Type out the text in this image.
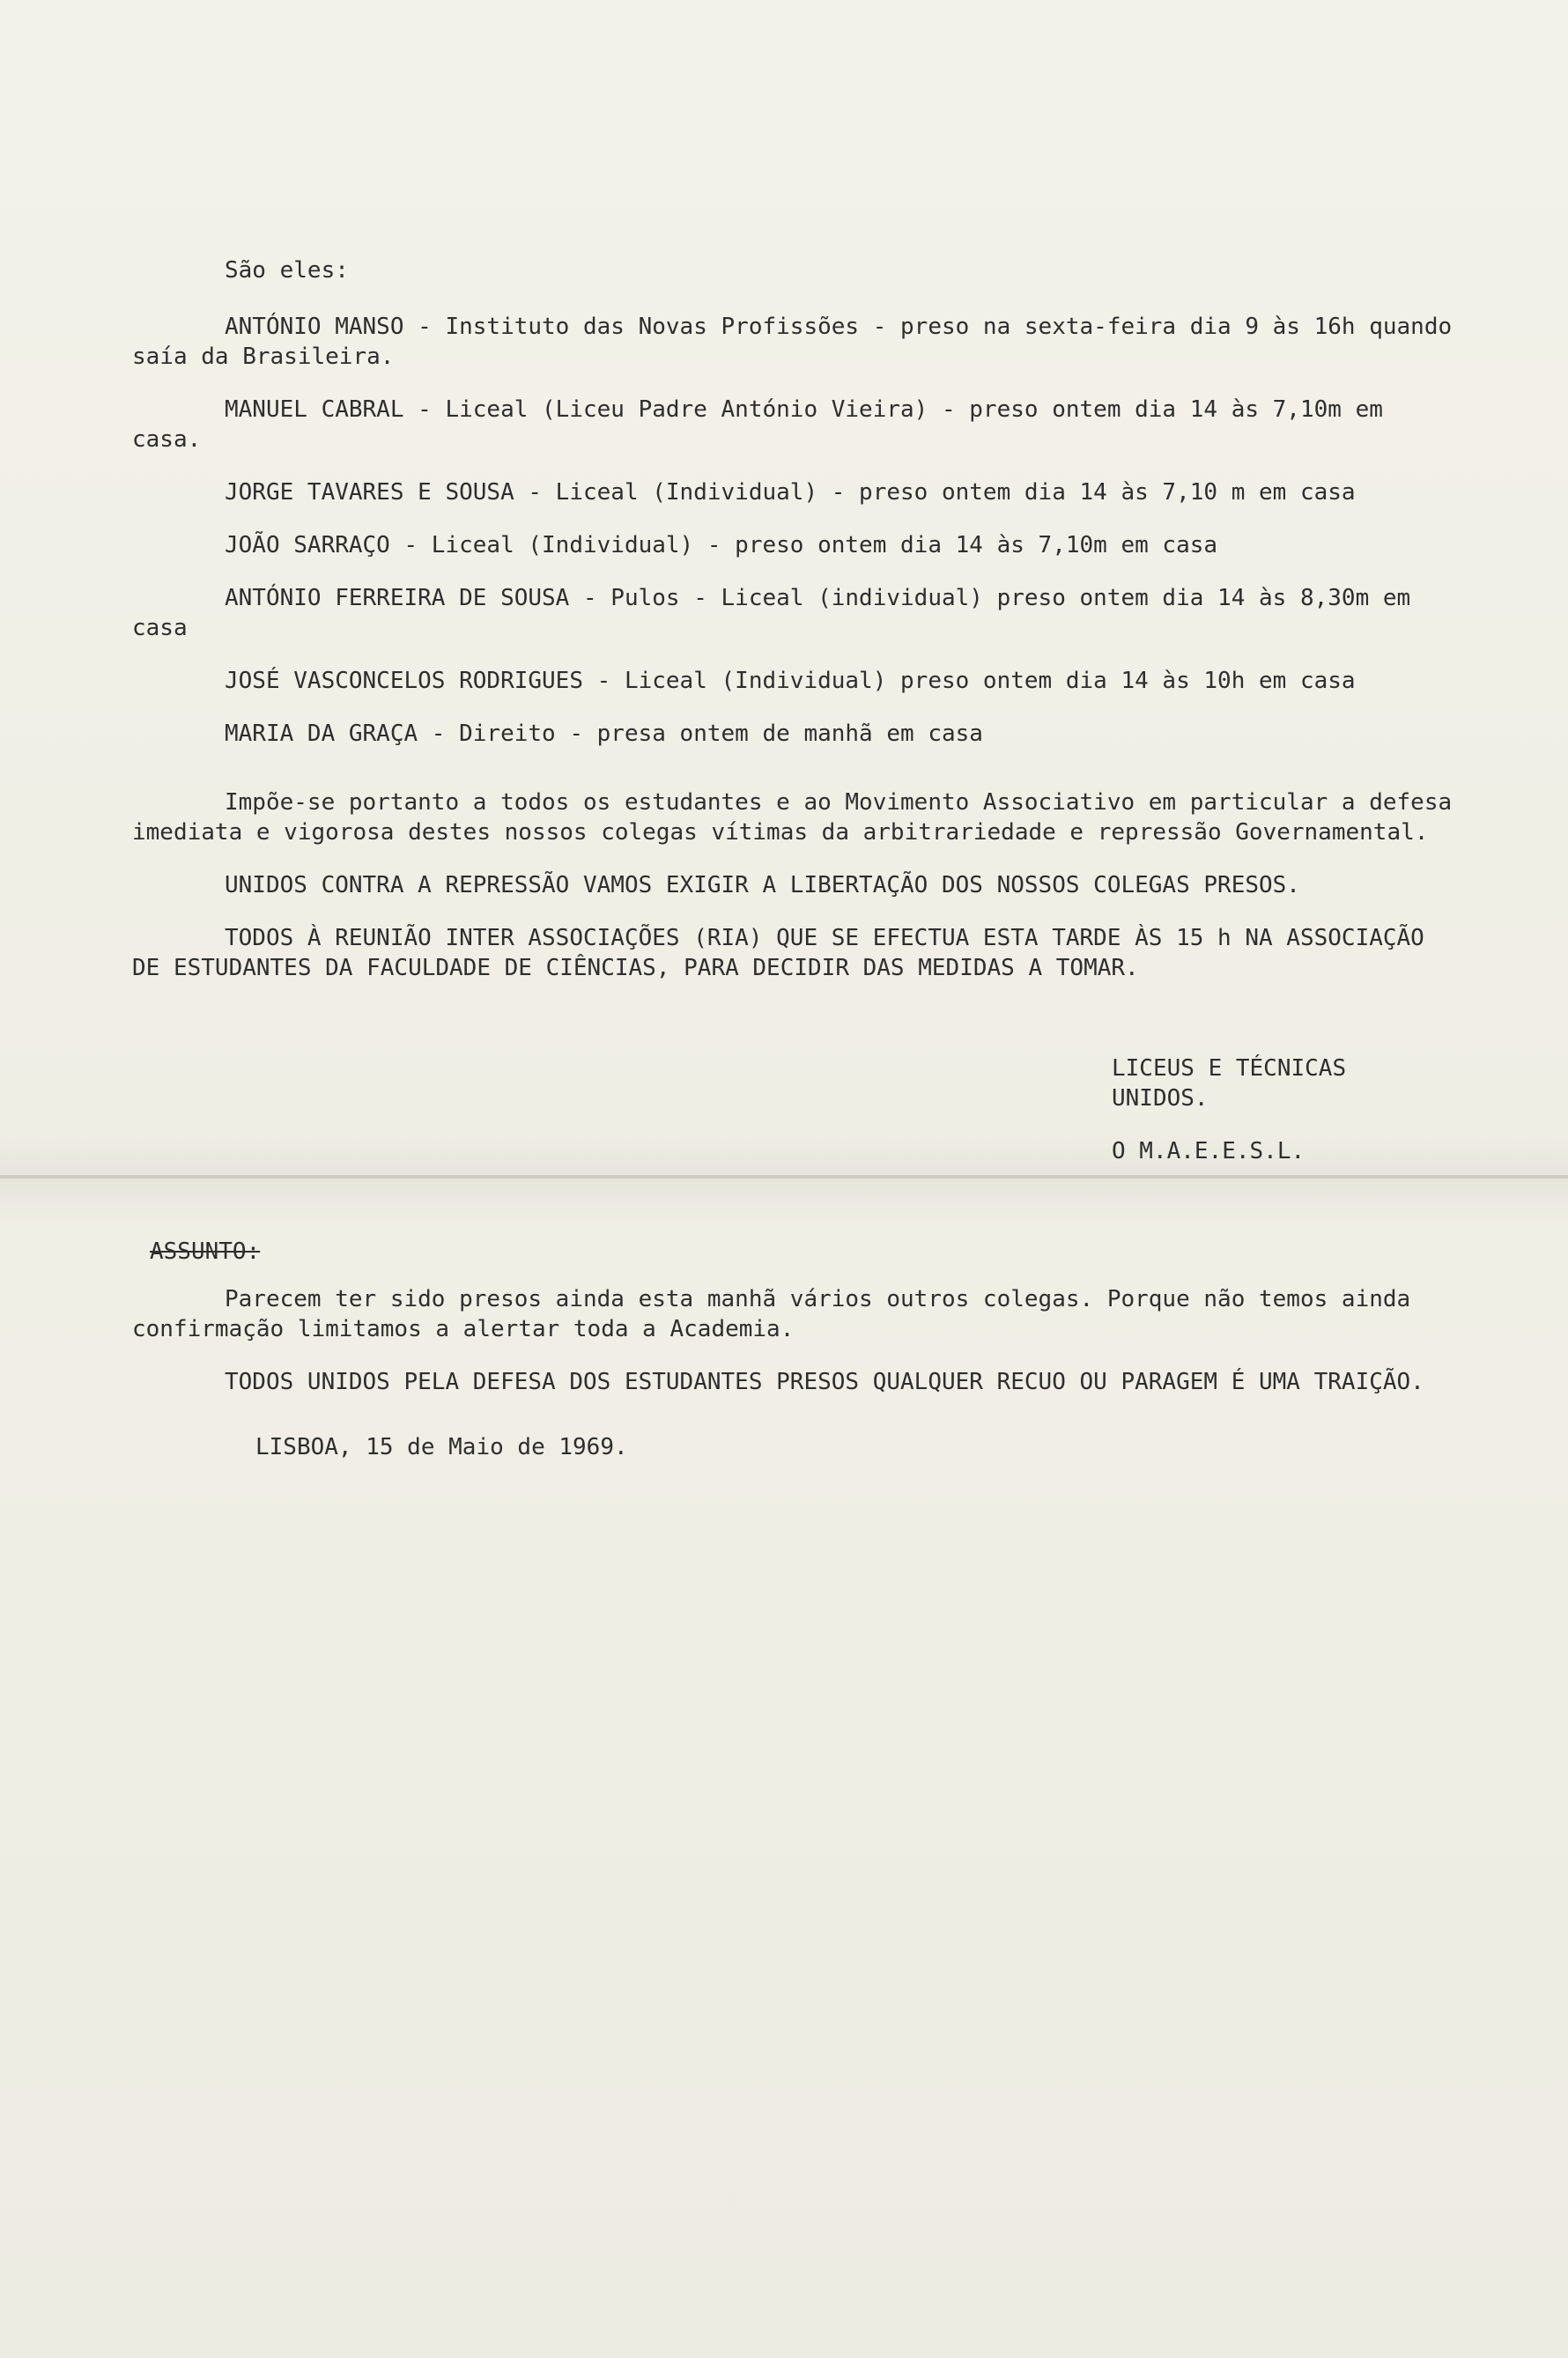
São eles:
ANTÓNIO MANSO - Instituto das Novas Profissões - preso na sexta-feira dia 9 às 16h quando saía da Brasileira.
MANUEL CABRAL - Liceal (Liceu Padre António Vieira) - preso ontem dia 14 às 7,10m em casa.
JORGE TAVARES E SOUSA - Liceal (Individual) - preso ontem dia 14 às 7,10 m em casa
JOÃO SARRAÇO - Liceal (Individual) - preso ontem dia 14 às 7,10m em casa
ANTÓNIO FERREIRA DE SOUSA - Pulos - Liceal (individual) preso ontem dia 14 às 8,30m em casa
JOSÉ VASCONCELOS RODRIGUES - Liceal (Individual) preso ontem dia 14 às 10h em casa
MARIA DA GRAÇA - Direito - presa ontem de manhã em casa
Impõe-se portanto a todos os estudantes e ao Movimento Associativo em particular a defesa imediata e vigorosa destes nossos colegas vítimas da arbitrariedade e repressão Governamental.
UNIDOS CONTRA A REPRESSÃO VAMOS EXIGIR A LIBERTAÇÃO DOS NOSSOS COLEGAS PRESOS.
TODOS À REUNIÃO INTER ASSOCIAÇÕES (RIA) QUE SE EFECTUA ESTA TARDE ÀS 15 h NA ASSOCIAÇÃO DE ESTUDANTES DA FACULDADE DE CIÊNCIAS, PARA DECIDIR DAS MEDIDAS A TOMAR.
LICEUS E TÉCNICAS
UNIDOS.
O M.A.E.E.S.L.
ASSUNTO:
Parecem ter sido presos ainda esta manhã vários outros colegas. Porque não temos ainda confirmação limitamos a alertar toda a Academia.
TODOS UNIDOS PELA DEFESA DOS ESTUDANTES PRESOS QUALQUER RECUO OU PARAGEM É UMA TRAIÇÃO.
LISBOA, 15 de Maio de 1969.
